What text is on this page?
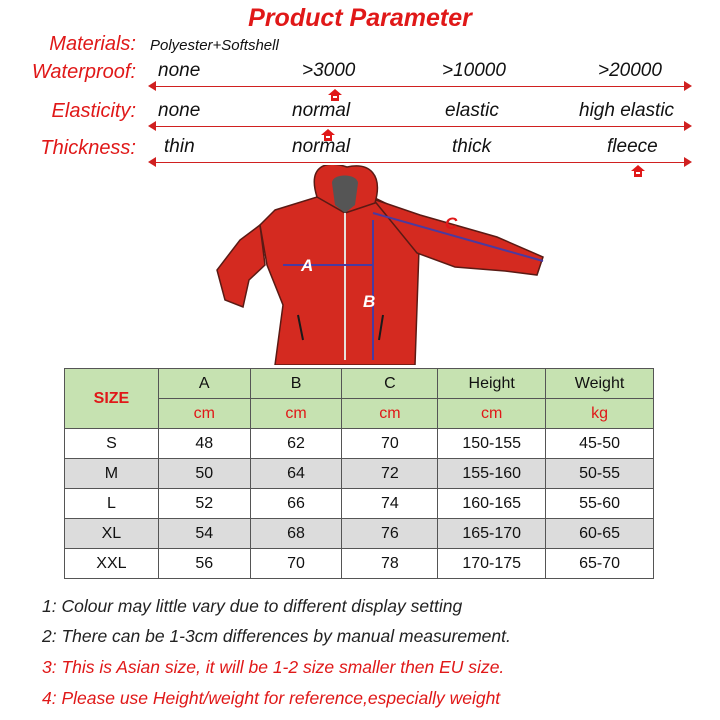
Product Parameter
Materials: Polyester+Softshell
Waterproof: none	>3000	>10000	>20000
Elasticity: none	normal	elastic	high elastic
Thickness: thin	normal	thick	fleece
A
B
C
SIZE	A	B	C	Height	Weight
	cm	cm	cm	cm	kg
S	48	62	70	150-155	45-50
M	50	64	72	155-160	50-55
L	52	66	74	160-165	55-60
XL	54	68	76	165-170	60-65
XXL	56	70	78	170-175	65-70
1: Colour may little vary due to different display setting
2: There can be 1-3cm differences by manual measurement.
3: This is Asian size, it will be 1-2 size smaller then EU size.
4: Please use Height/weight for reference,especially weight
